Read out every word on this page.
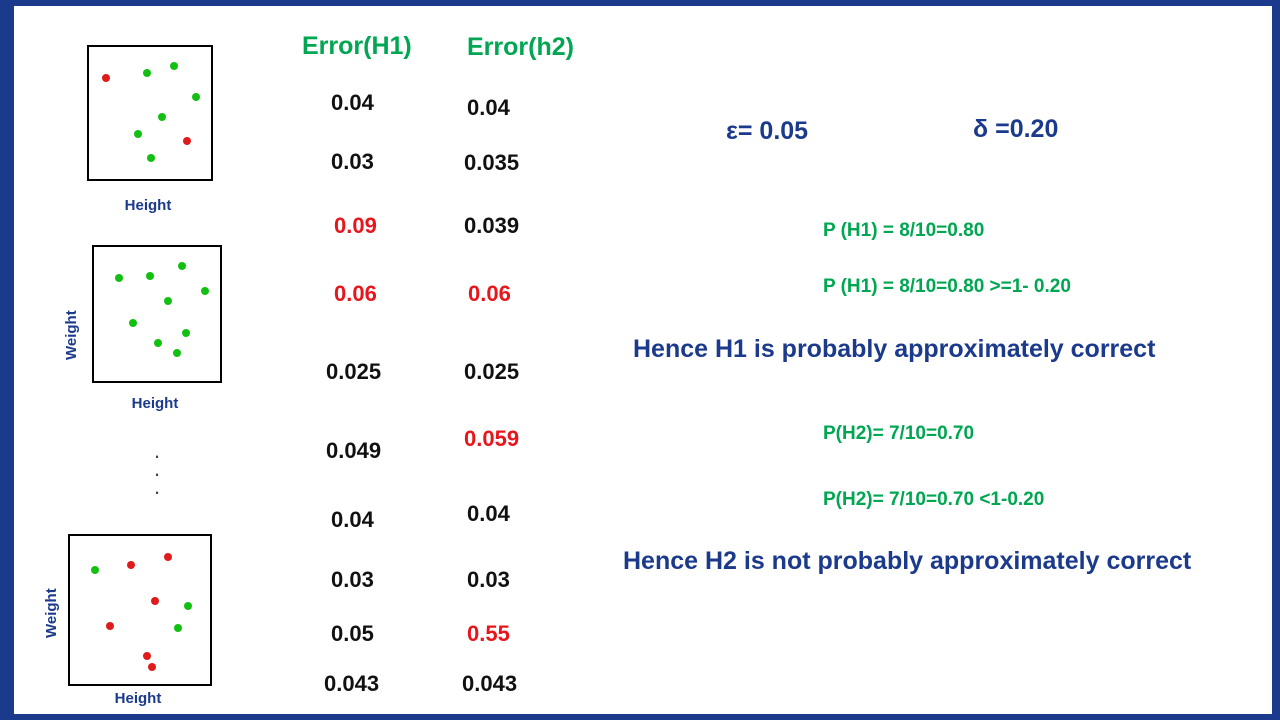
Height
Weight
Height
.
.
.
Weight
Height
Error(H1) Error(h2)
0.04
0.03
0.09
0.06
0.025
0.049
0.04
0.03
0.05
0.043
0.04
0.035
0.039
0.06
0.025
0.059
0.04
0.03
0.55
0.043
ε= 0.05	δ =0.20
P (H1) = 8/10=0.80
P (H1) = 8/10=0.80 >=1- 0.20
Hence H1 is probably approximately correct
P(H2)= 7/10=0.70
P(H2)= 7/10=0.70 <1-0.20
Hence H2 is not probably approximately correct
